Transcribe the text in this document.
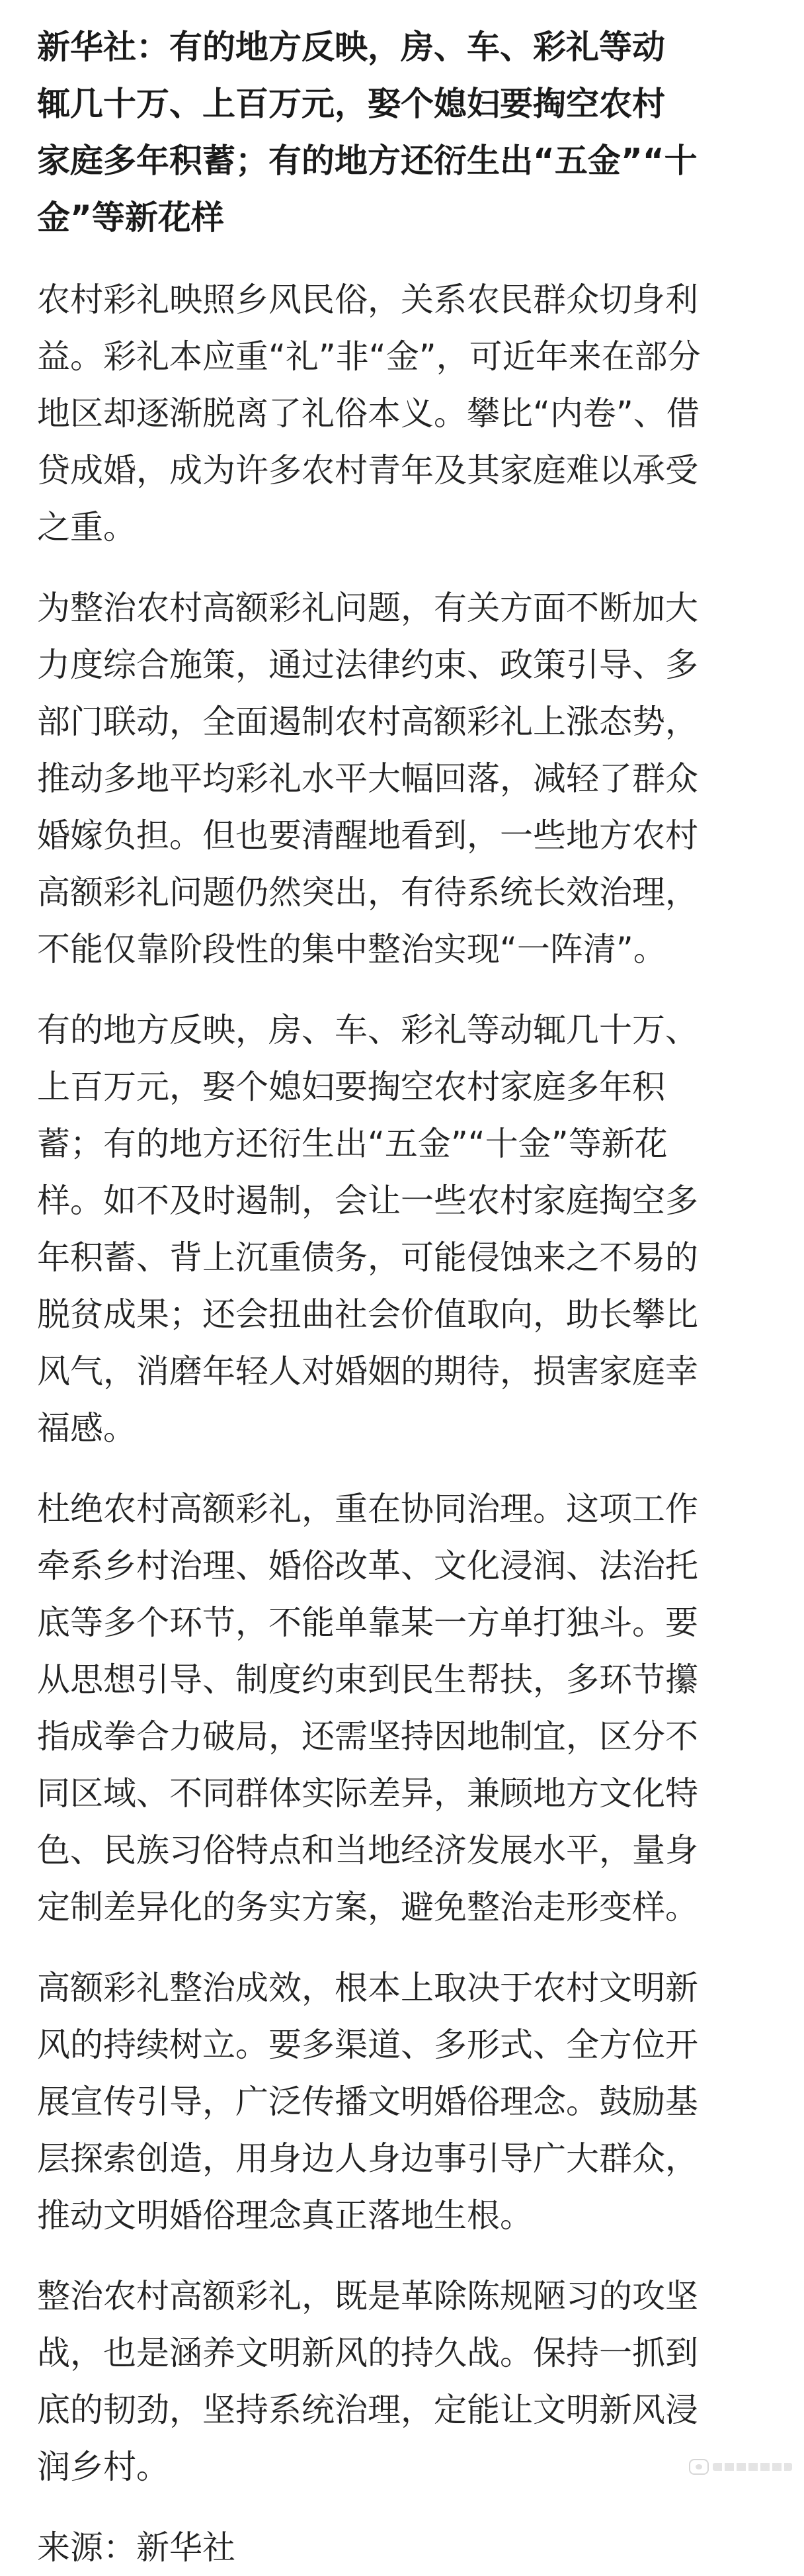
新华社：有的地方反映，房、车、彩礼等动
辄几十万、上百万元，娶个媳妇要掏空农村
家庭多年积蓄；有的地方还衍生出“五金”“十
金”等新花样
农村彩礼映照乡风民俗，关系农民群众切身利
益。彩礼本应重“礼”非“金”，可近年来在部分
地区却逐渐脱离了礼俗本义。攀比“内卷”、借
贷成婚，成为许多农村青年及其家庭难以承受
之重。
为整治农村高额彩礼问题，有关方面不断加大
力度综合施策，通过法律约束、政策引导、多
部门联动，全面遏制农村高额彩礼上涨态势，
推动多地平均彩礼水平大幅回落，减轻了群众
婚嫁负担。但也要清醒地看到，一些地方农村
高额彩礼问题仍然突出，有待系统长效治理，
不能仅靠阶段性的集中整治实现“一阵清”。
有的地方反映，房、车、彩礼等动辄几十万、
上百万元，娶个媳妇要掏空农村家庭多年积
蓄；有的地方还衍生出“五金”“十金”等新花
样。如不及时遏制，会让一些农村家庭掏空多
年积蓄、背上沉重债务，可能侵蚀来之不易的
脱贫成果；还会扭曲社会价值取向，助长攀比
风气，消磨年轻人对婚姻的期待，损害家庭幸
福感。
杜绝农村高额彩礼，重在协同治理。这项工作
牵系乡村治理、婚俗改革、文化浸润、法治托
底等多个环节，不能单靠某一方单打独斗。要
从思想引导、制度约束到民生帮扶，多环节攥
指成拳合力破局，还需坚持因地制宜，区分不
同区域、不同群体实际差异，兼顾地方文化特
色、民族习俗特点和当地经济发展水平，量身
定制差异化的务实方案，避免整治走形变样。
高额彩礼整治成效，根本上取决于农村文明新
风的持续树立。要多渠道、多形式、全方位开
展宣传引导，广泛传播文明婚俗理念。鼓励基
层探索创造，用身边人身边事引导广大群众，
推动文明婚俗理念真正落地生根。
整治农村高额彩礼，既是革除陈规陋习的攻坚
战，也是涵养文明新风的持久战。保持一抓到
底的韧劲，坚持系统治理，定能让文明新风浸
润乡村。
来源：新华社
